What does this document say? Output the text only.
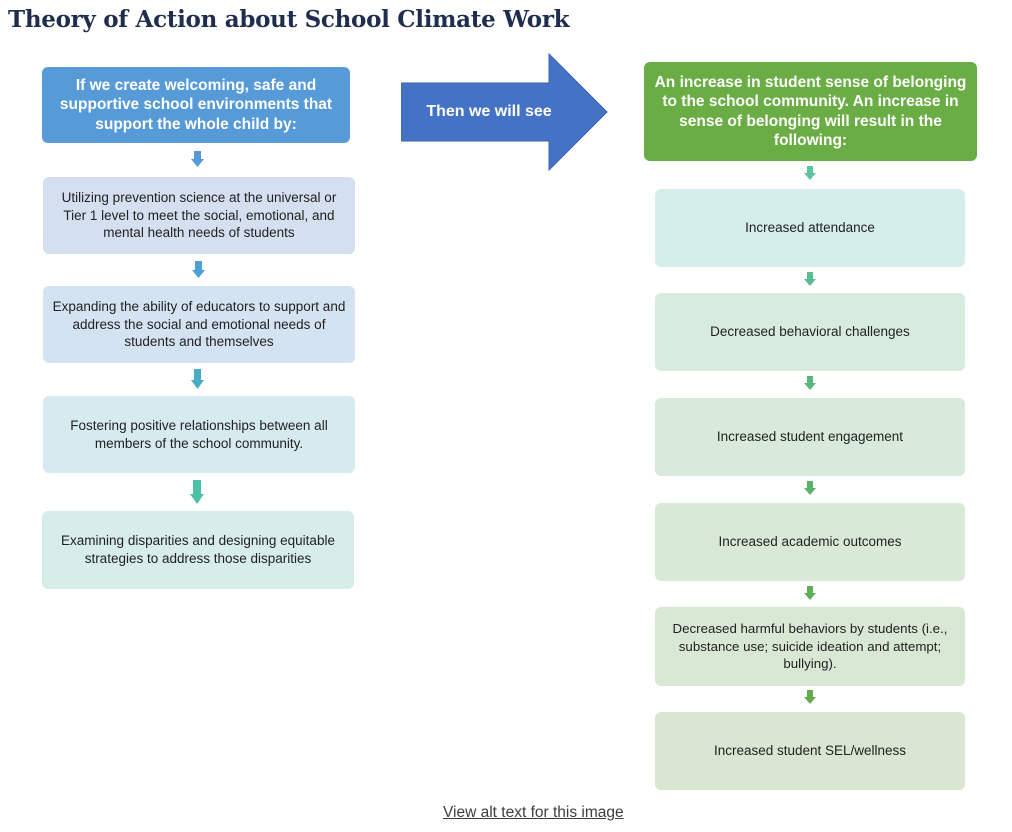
Theory of Action about School Climate Work
If we create welcoming, safe and supportive school environments that support the whole child by:
Then we will see
An increase in student sense of belonging to the school community. An increase in sense of belonging will result in the following:
Utilizing prevention science at the universal or Tier 1 level to meet the social, emotional, and mental health needs of students
Expanding the ability of educators to support and address the social and emotional needs of students and themselves
Fostering positive relationships between all members of the school community.
Examining disparities and designing equitable strategies to address those disparities
Increased attendance
Decreased behavioral challenges
Increased student engagement
Increased academic outcomes
Decreased harmful behaviors by students (i.e., substance use; suicide ideation and attempt; bullying).
Increased student SEL/wellness
View alt text for this image
